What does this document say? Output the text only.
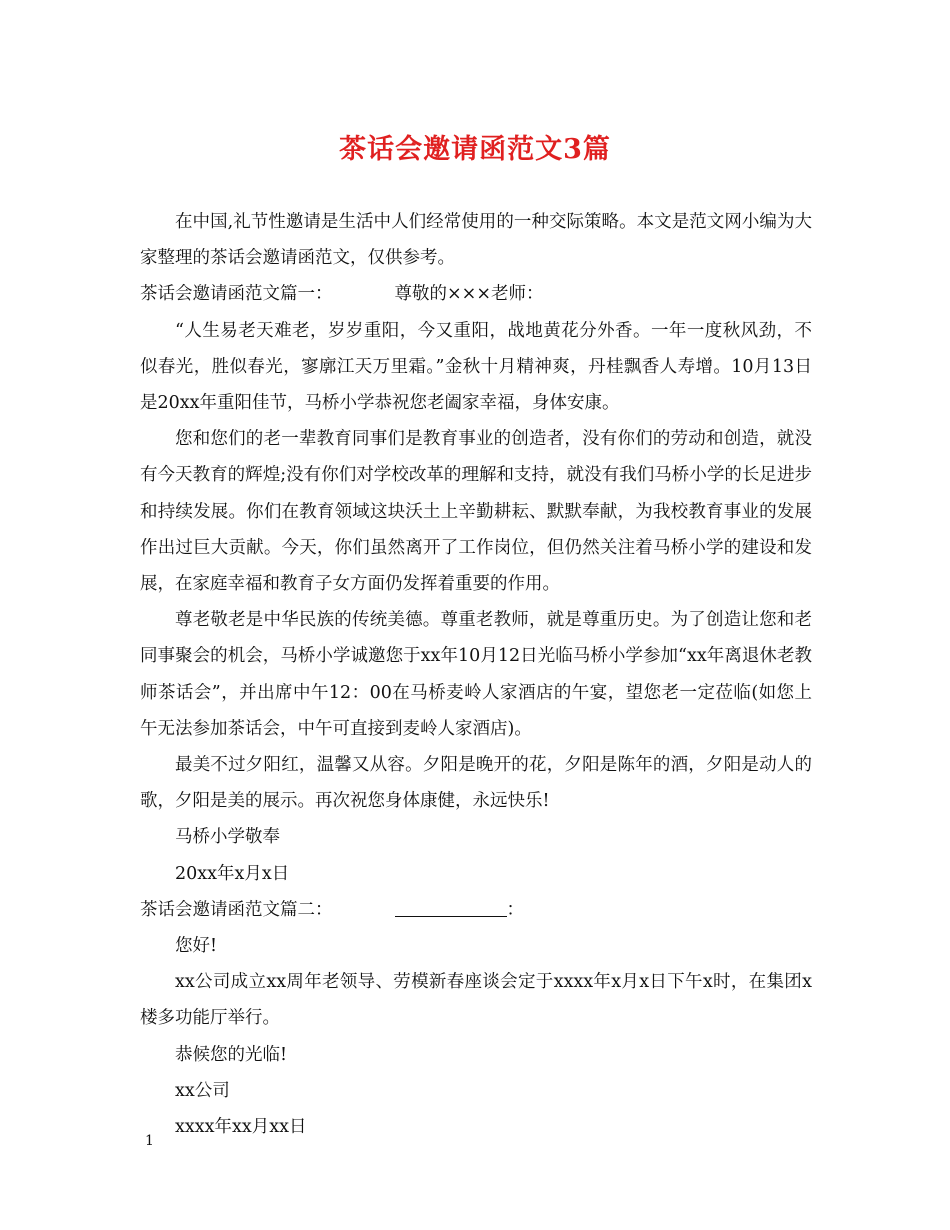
茶话会邀请函范文3篇

在中国,礼节性邀请是生活中人们经常使用的一种交际策略。本文是范文网小编为大家整理的茶话会邀请函范文，仅供参考。

茶话会邀请函范文篇一：	尊敬的×××老师：

“人生易老天难老，岁岁重阳，今又重阳，战地黄花分外香。一年一度秋风劲，不似春光，胜似春光，寥廓江天万里霜。”金秋十月精神爽，丹桂飘香人寿增。10月13日是20xx年重阳佳节，马桥小学恭祝您老阖家幸福，身体安康。

您和您们的老一辈教育同事们是教育事业的创造者，没有你们的劳动和创造，就没有今天教育的辉煌;没有你们对学校改革的理解和支持，就没有我们马桥小学的长足进步和持续发展。你们在教育领域这块沃土上辛勤耕耘、默默奉献，为我校教育事业的发展作出过巨大贡献。今天，你们虽然离开了工作岗位，但仍然关注着马桥小学的建设和发展，在家庭幸福和教育子女方面仍发挥着重要的作用。

尊老敬老是中华民族的传统美德。尊重老教师，就是尊重历史。为了创造让您和老同事聚会的机会，马桥小学诚邀您于xx年10月12日光临马桥小学参加“xx年离退休老教师茶话会”，并出席中午12：00在马桥麦岭人家酒店的午宴，望您老一定莅临(如您上午无法参加茶话会，中午可直接到麦岭人家酒店)。

最美不过夕阳红，温馨又从容。夕阳是晚开的花，夕阳是陈年的酒，夕阳是动人的歌，夕阳是美的展示。再次祝您身体康健，永远快乐!

马桥小学敬奉

20xx年x月x日

茶话会邀请函范文篇二：	：

您好!

xx公司成立xx周年老领导、劳模新春座谈会定于xxxx年x月x日下午x时，在集团x楼多功能厅举行。

恭候您的光临!

xx公司

xxxx年xx月xx日

1
